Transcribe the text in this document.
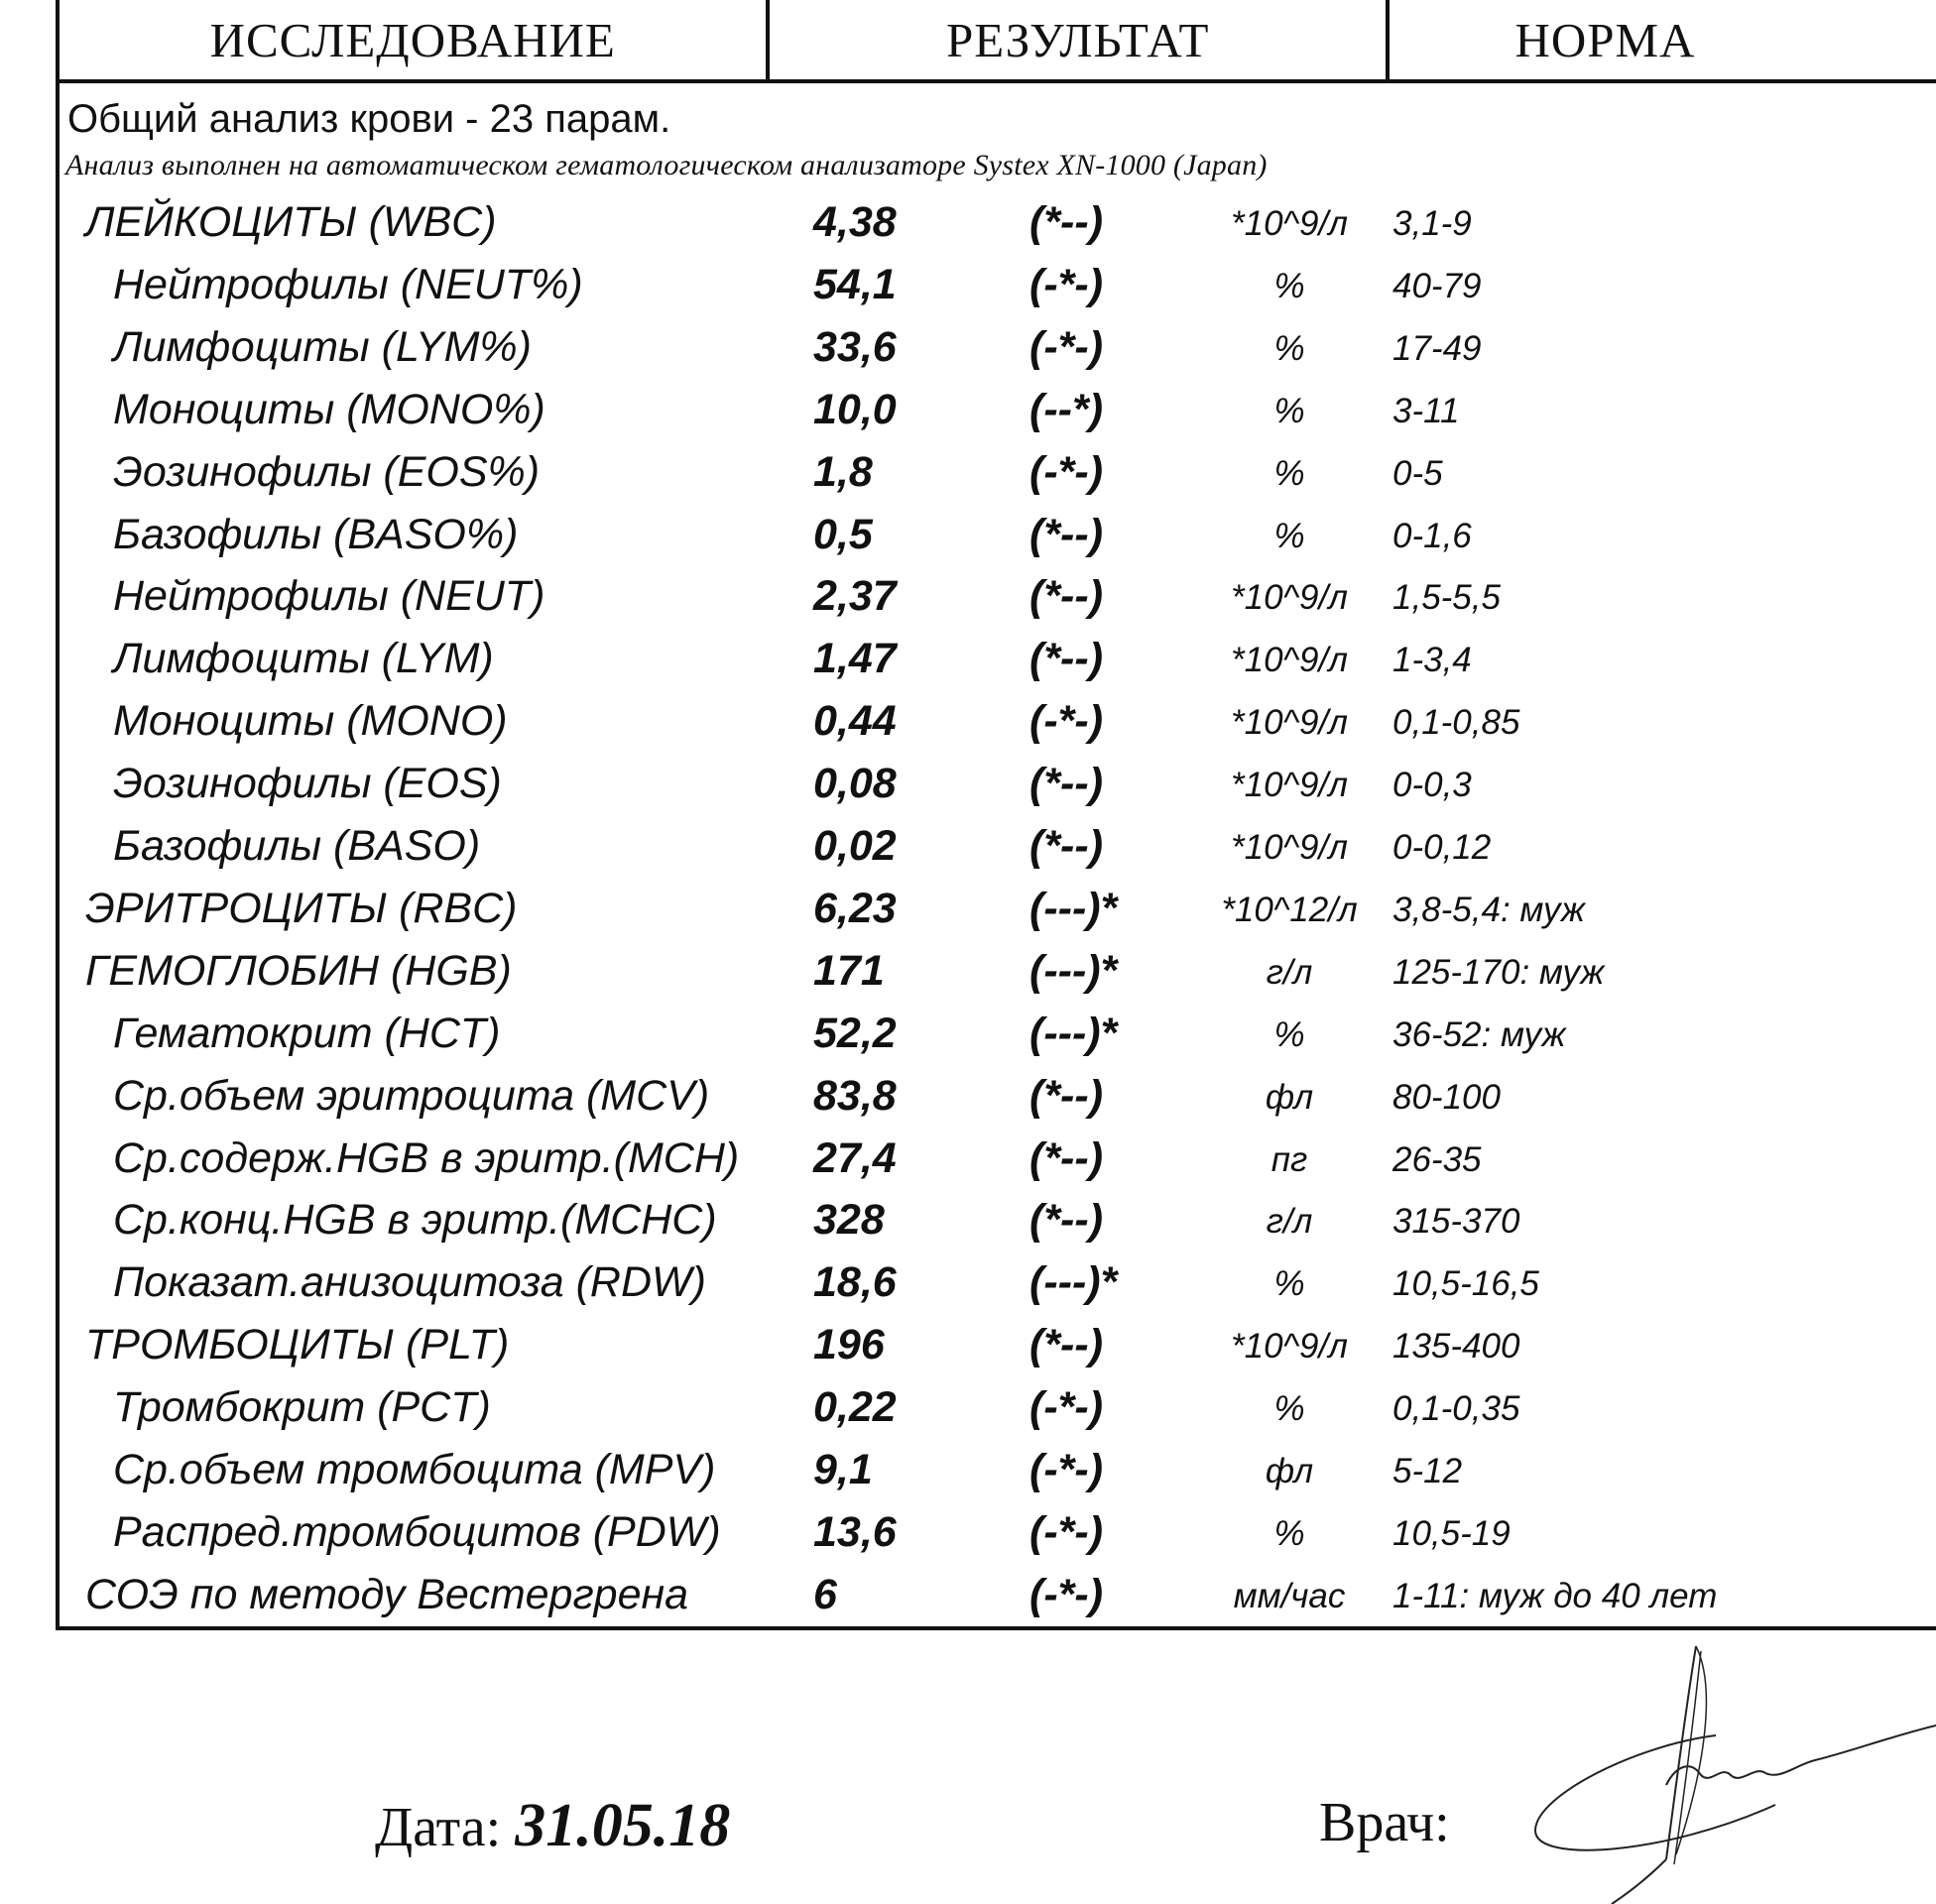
ИССЛЕДОВАНИЕ	РЕЗУЛЬТАТ	НОРМА
Общий анализ крови - 23 парам.
Анализ выполнен на автоматическом гематологическом анализаторе Systex XN-1000 (Japan)
ЛЕЙКОЦИТЫ (WBC)	4,38	(*--)	*10^9/л	3,1-9
Нейтрофилы (NEUT%)	54,1	(-*-)	%	40-79
Лимфоциты (LYM%)	33,6	(-*-)	%	17-49
Моноциты (MONO%)	10,0	(--*)	%	3-11
Эозинофилы (EOS%)	1,8	(-*-)	%	0-5
Базофилы (BASO%)	0,5	(*--)	%	0-1,6
Нейтрофилы (NEUT)	2,37	(*--)	*10^9/л	1,5-5,5
Лимфоциты (LYM)	1,47	(*--)	*10^9/л	1-3,4
Моноциты (MONO)	0,44	(-*-)	*10^9/л	0,1-0,85
Эозинофилы (EOS)	0,08	(*--)	*10^9/л	0-0,3
Базофилы (BASO)	0,02	(*--)	*10^9/л	0-0,12
ЭРИТРОЦИТЫ (RBC)	6,23	(---)*	*10^12/л	3,8-5,4: муж
ГЕМОГЛОБИН (HGB)	171	(---)*	г/л	125-170: муж
Гематокрит (HCT)	52,2	(---)*	%	36-52: муж
Ср.объем эритроцита (MCV) 83,8	(*--)	фл	80-100
Ср.содерж.HGB в эритр.(MCH) 27,4	(*--)	пг	26-35
Ср.конц.HGB в эритр.(MCHC) 328	(*--)	г/л	315-370
Показат.анизоцитоза (RDW)	18,6	(---)*	%	10,5-16,5
ТРОМБОЦИТЫ (PLT)	196	(*--)	*10^9/л	135-400
Тромбокрит (PCT)	0,22	(-*-)	%	0,1-0,35
Ср.объем тромбоцита (MPV) 9,1	(-*-)	фл	5-12
Распред.тромбоцитов (PDW) 13,6	(-*-)	%	10,5-19
СОЭ по методу Вестергрена	6	(-*-)	мм/час	1-11: муж до 40 лет
Дата: 31.05.18	Врач:
